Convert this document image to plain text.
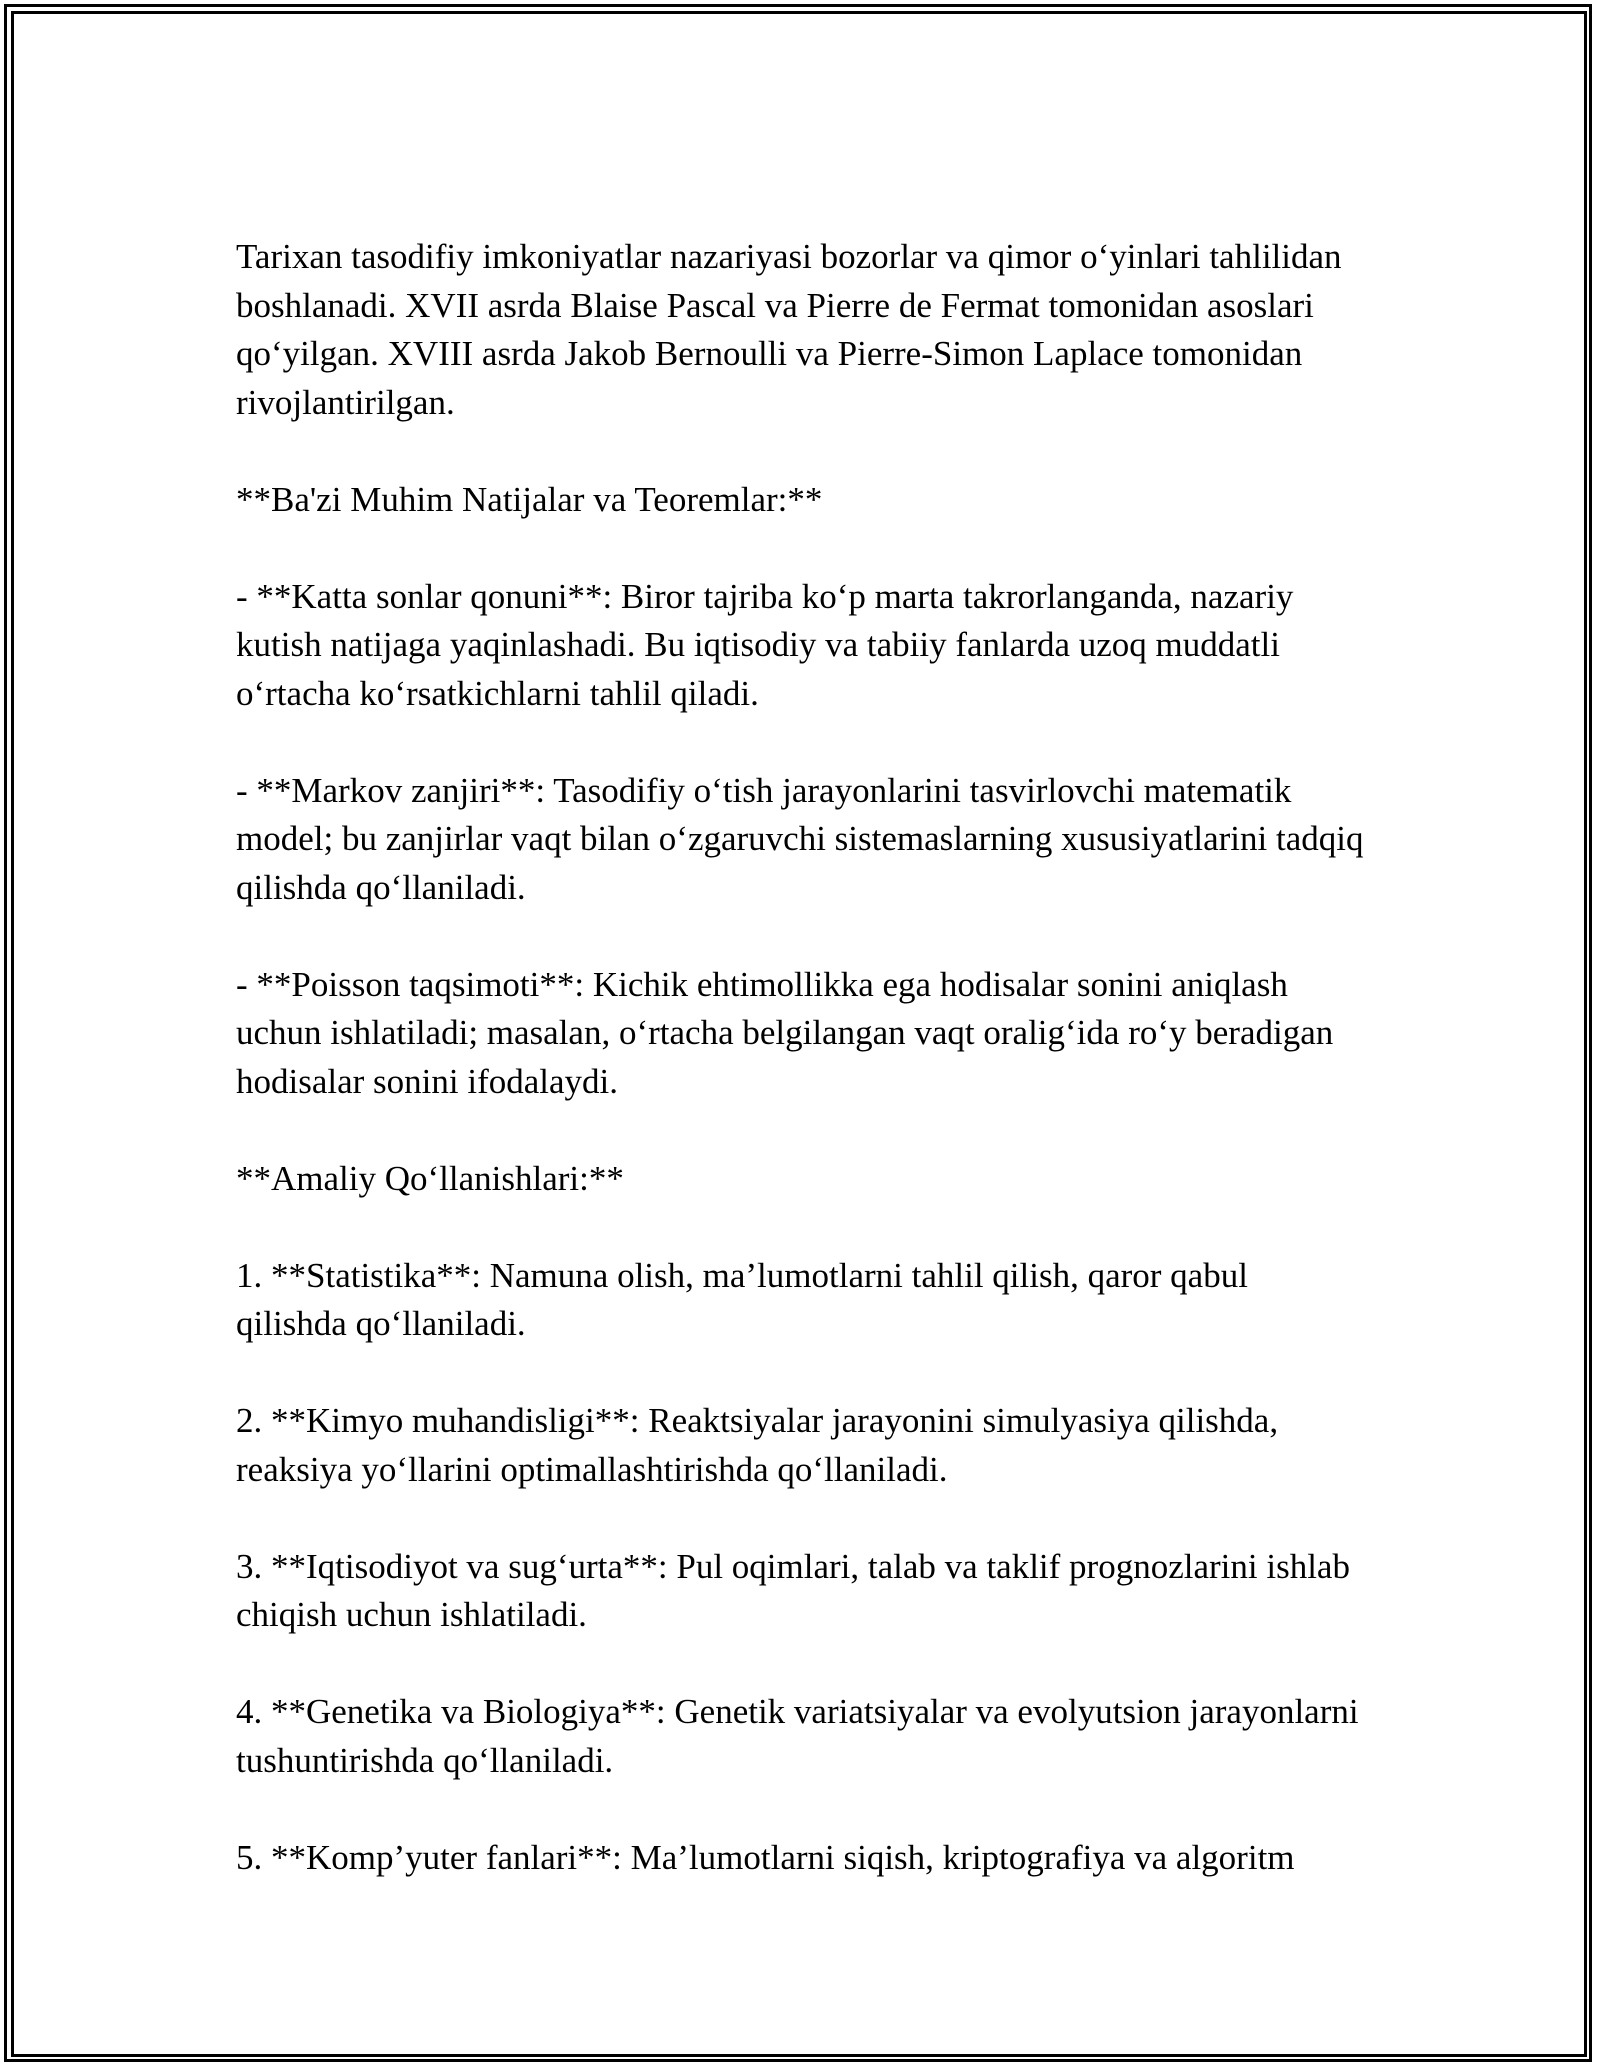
Tarixan tasodifiy imkoniyatlar nazariyasi bozorlar va qimor o‘yinlari tahlilidan boshlanadi. XVII asrda Blaise Pascal va Pierre de Fermat tomonidan asoslari qo‘yilgan. XVIII asrda Jakob Bernoulli va Pierre-Simon Laplace tomonidan rivojlantirilgan.

**Ba'zi Muhim Natijalar va Teoremlar:**

- **Katta sonlar qonuni**: Biror tajriba ko‘p marta takrorlanganda, nazariy kutish natijaga yaqinlashadi. Bu iqtisodiy va tabiiy fanlarda uzoq muddatli o‘rtacha ko‘rsatkichlarni tahlil qiladi.

- **Markov zanjiri**: Tasodifiy o‘tish jarayonlarini tasvirlovchi matematik model; bu zanjirlar vaqt bilan o‘zgaruvchi sistemaslarning xususiyatlarini tadqiq qilishda qo‘llaniladi.

- **Poisson taqsimoti**: Kichik ehtimollikka ega hodisalar sonini aniqlash uchun ishlatiladi; masalan, o‘rtacha belgilangan vaqt oralig‘ida ro‘y beradigan hodisalar sonini ifodalaydi.

**Amaliy Qo‘llanishlari:**

1. **Statistika**: Namuna olish, ma’lumotlarni tahlil qilish, qaror qabul qilishda qo‘llaniladi.

2. **Kimyo muhandisligi**: Reaktsiyalar jarayonini simulyasiya qilishda, reaksiya yo‘llarini optimallashtirishda qo‘llaniladi.

3. **Iqtisodiyot va sug‘urta**: Pul oqimlari, talab va taklif prognozlarini ishlab chiqish uchun ishlatiladi.

4. **Genetika va Biologiya**: Genetik variatsiyalar va evolyutsion jarayonlarni tushuntirishda qo‘llaniladi.

5. **Komp’yuter fanlari**: Ma’lumotlarni siqish, kriptografiya va algoritm
